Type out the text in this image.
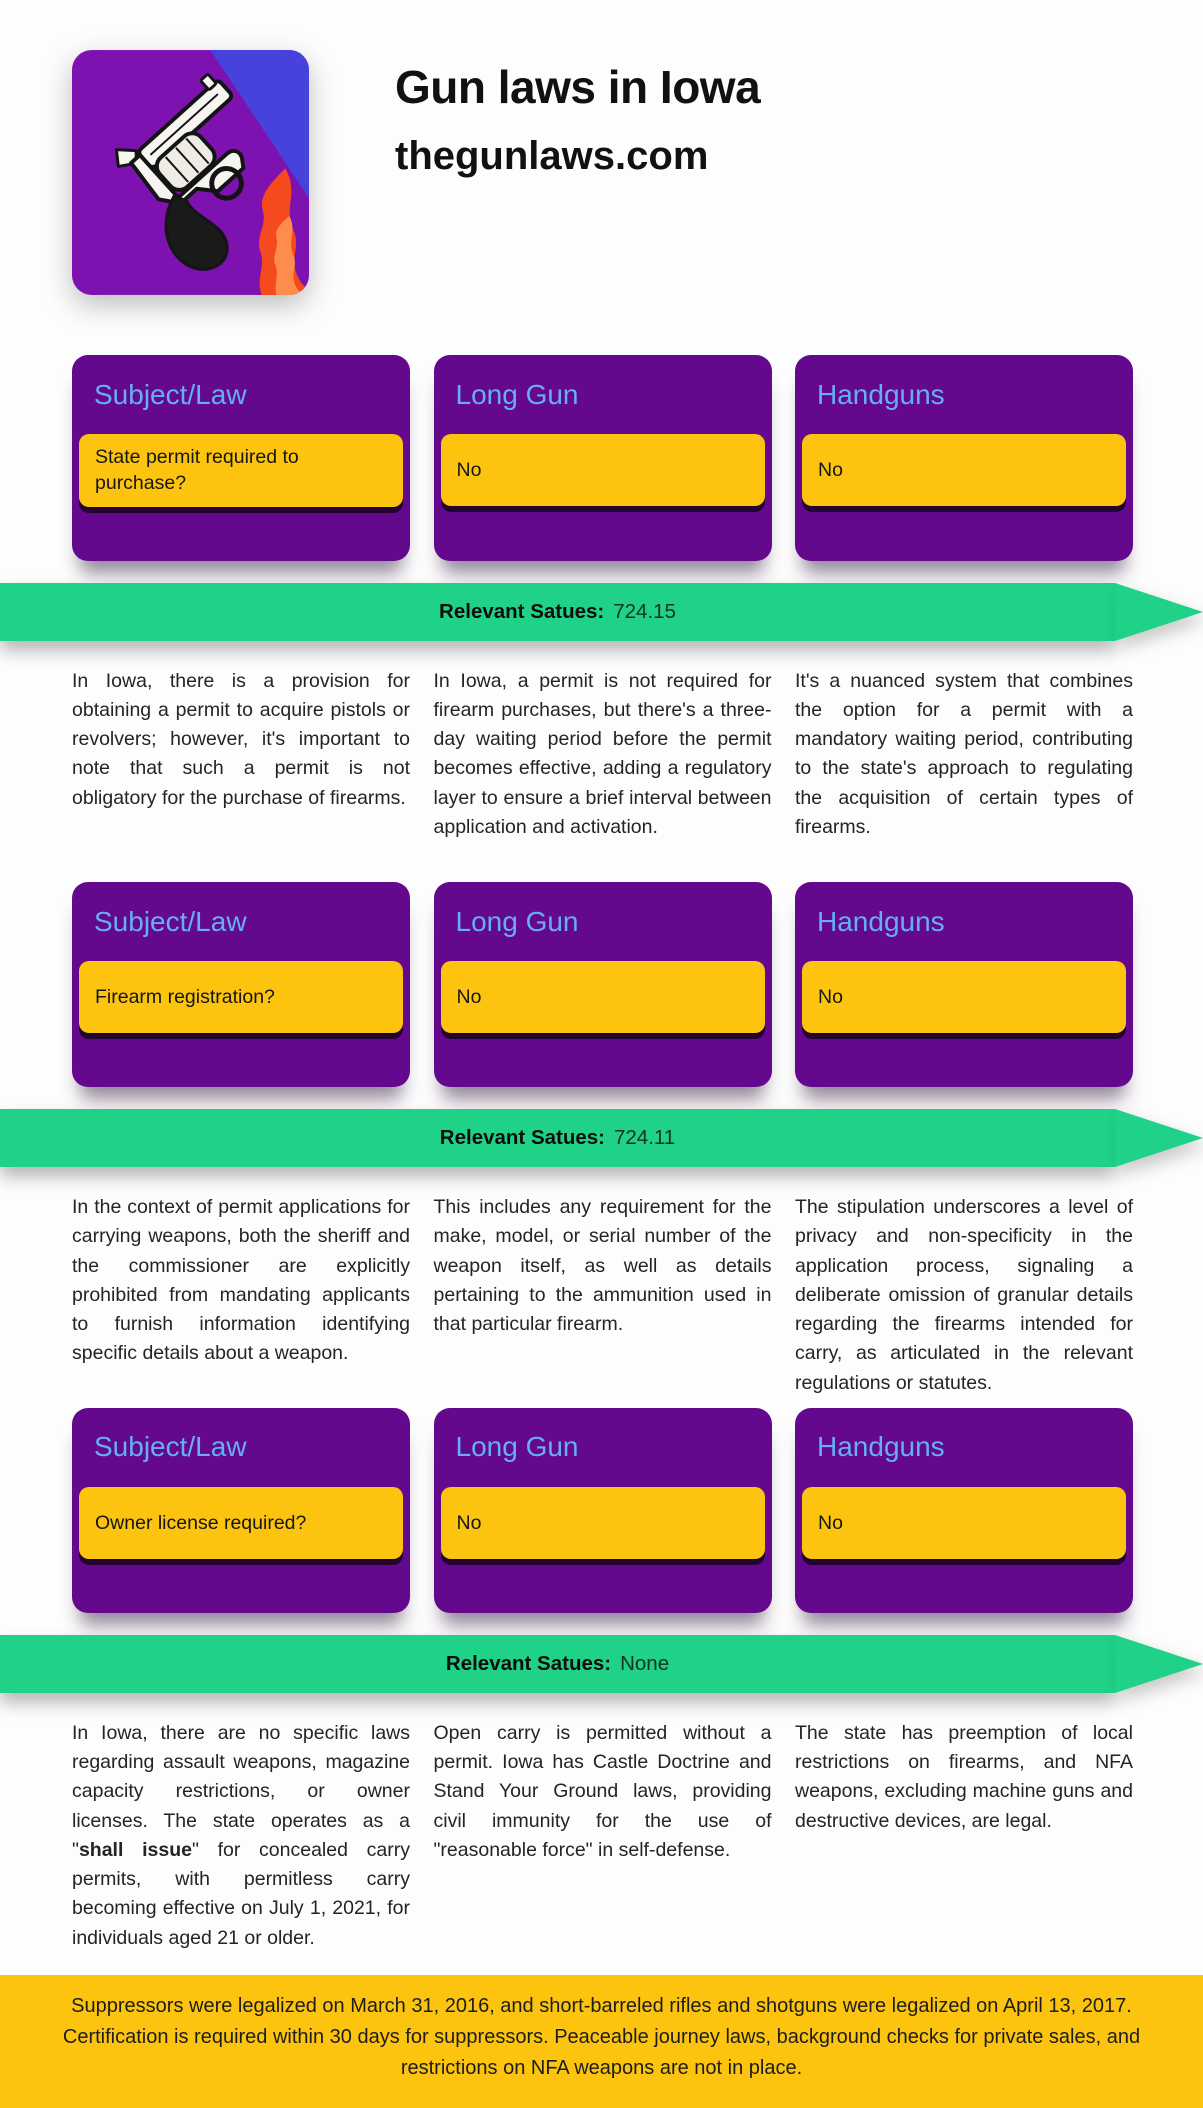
Gun laws in Iowa
thegunlaws.com
Subject/Law
State permit required to purchase?
Long Gun
No
Handguns
No
Relevant Satues: 724.15

In Iowa, there is a provision for obtaining a permit to acquire pistols or revolvers; however, it's important to note that such a permit is not obligatory for the purchase of firearms.

In Iowa, a permit is not required for firearm purchases, but there's a three-day waiting period before the permit becomes effective, adding a regulatory layer to ensure a brief interval between application and activation.

It's a nuanced system that combines the option for a permit with a mandatory waiting period, contributing to the state's approach to regulating the acquisition of certain types of firearms.

Subject/Law
Firearm registration?
Long Gun
No
Handguns
No
Relevant Satues: 724.11

In the context of permit applications for carrying weapons, both the sheriff and the commissioner are explicitly prohibited from mandating applicants to furnish information identifying specific details about a weapon.

This includes any requirement for the make, model, or serial number of the weapon itself, as well as details pertaining to the ammunition used in that particular firearm.

The stipulation underscores a level of privacy and non-specificity in the application process, signaling a deliberate omission of granular details regarding the firearms intended for carry, as articulated in the relevant regulations or statutes.

Subject/Law
Owner license required?
Long Gun
No
Handguns
No
Relevant Satues: None

In Iowa, there are no specific laws regarding assault weapons, magazine capacity restrictions, or owner licenses. The state operates as a "shall issue" for concealed carry permits, with permitless carry becoming effective on July 1, 2021, for individuals aged 21 or older.

Open carry is permitted without a permit. Iowa has Castle Doctrine and Stand Your Ground laws, providing civil immunity for the use of "reasonable force" in self-defense.

The state has preemption of local restrictions on firearms, and NFA weapons, excluding machine guns and destructive devices, are legal.

Suppressors were legalized on March 31, 2016, and short-barreled rifles and shotguns were legalized on April 13, 2017. Certification is required within 30 days for suppressors. Peaceable journey laws, background checks for private sales, and restrictions on NFA weapons are not in place.
